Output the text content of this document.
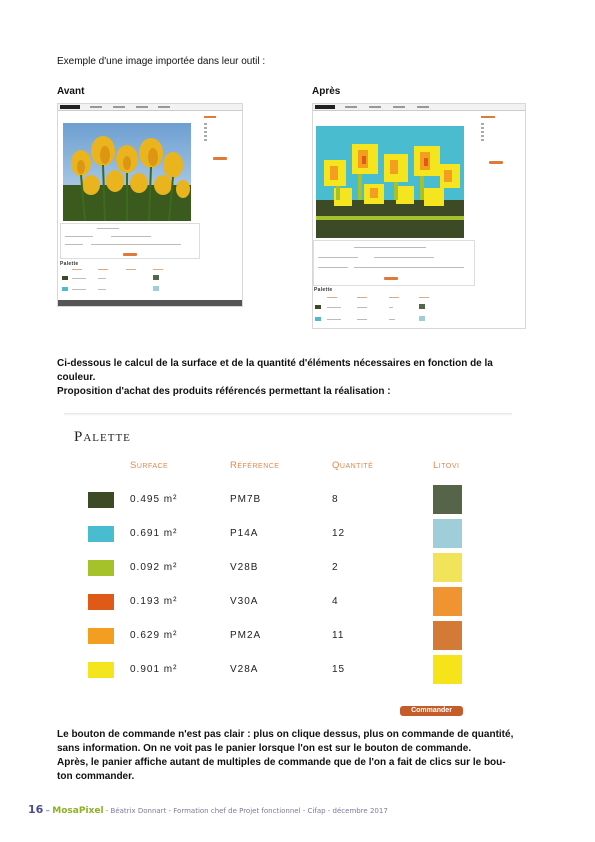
Exemple d'une image importée dans leur outil :
Avant	Après
Palette
Palette
Ci-dessous le calcul de la surface et de la quantité d'éléments nécessaires en fonction de la
couleur.
Proposition d'achat des produits référencés permettant la réalisation :
Palette
Surface	Référence	Quantité	Litovi
0.495 m²	PM7B	8
0.691 m²	P14A	12
0.092 m²	V28B	2
0.193 m²	V30A	4
0.629 m²	PM2A	11
0.901 m²	V28A	15
Commander
Le bouton de commande n'est pas clair : plus on clique dessus, plus on commande de quantité,
sans information. On ne voit pas le panier lorsque l'on est sur le bouton de commande.
Après, le panier affiche autant de multiples de commande que de l'on a fait de clics sur le bou-
ton commander.
16 – MosaPixel - Béatrix Donnart - Formation chef de Projet fonctionnel - Cifap - décembre 2017
